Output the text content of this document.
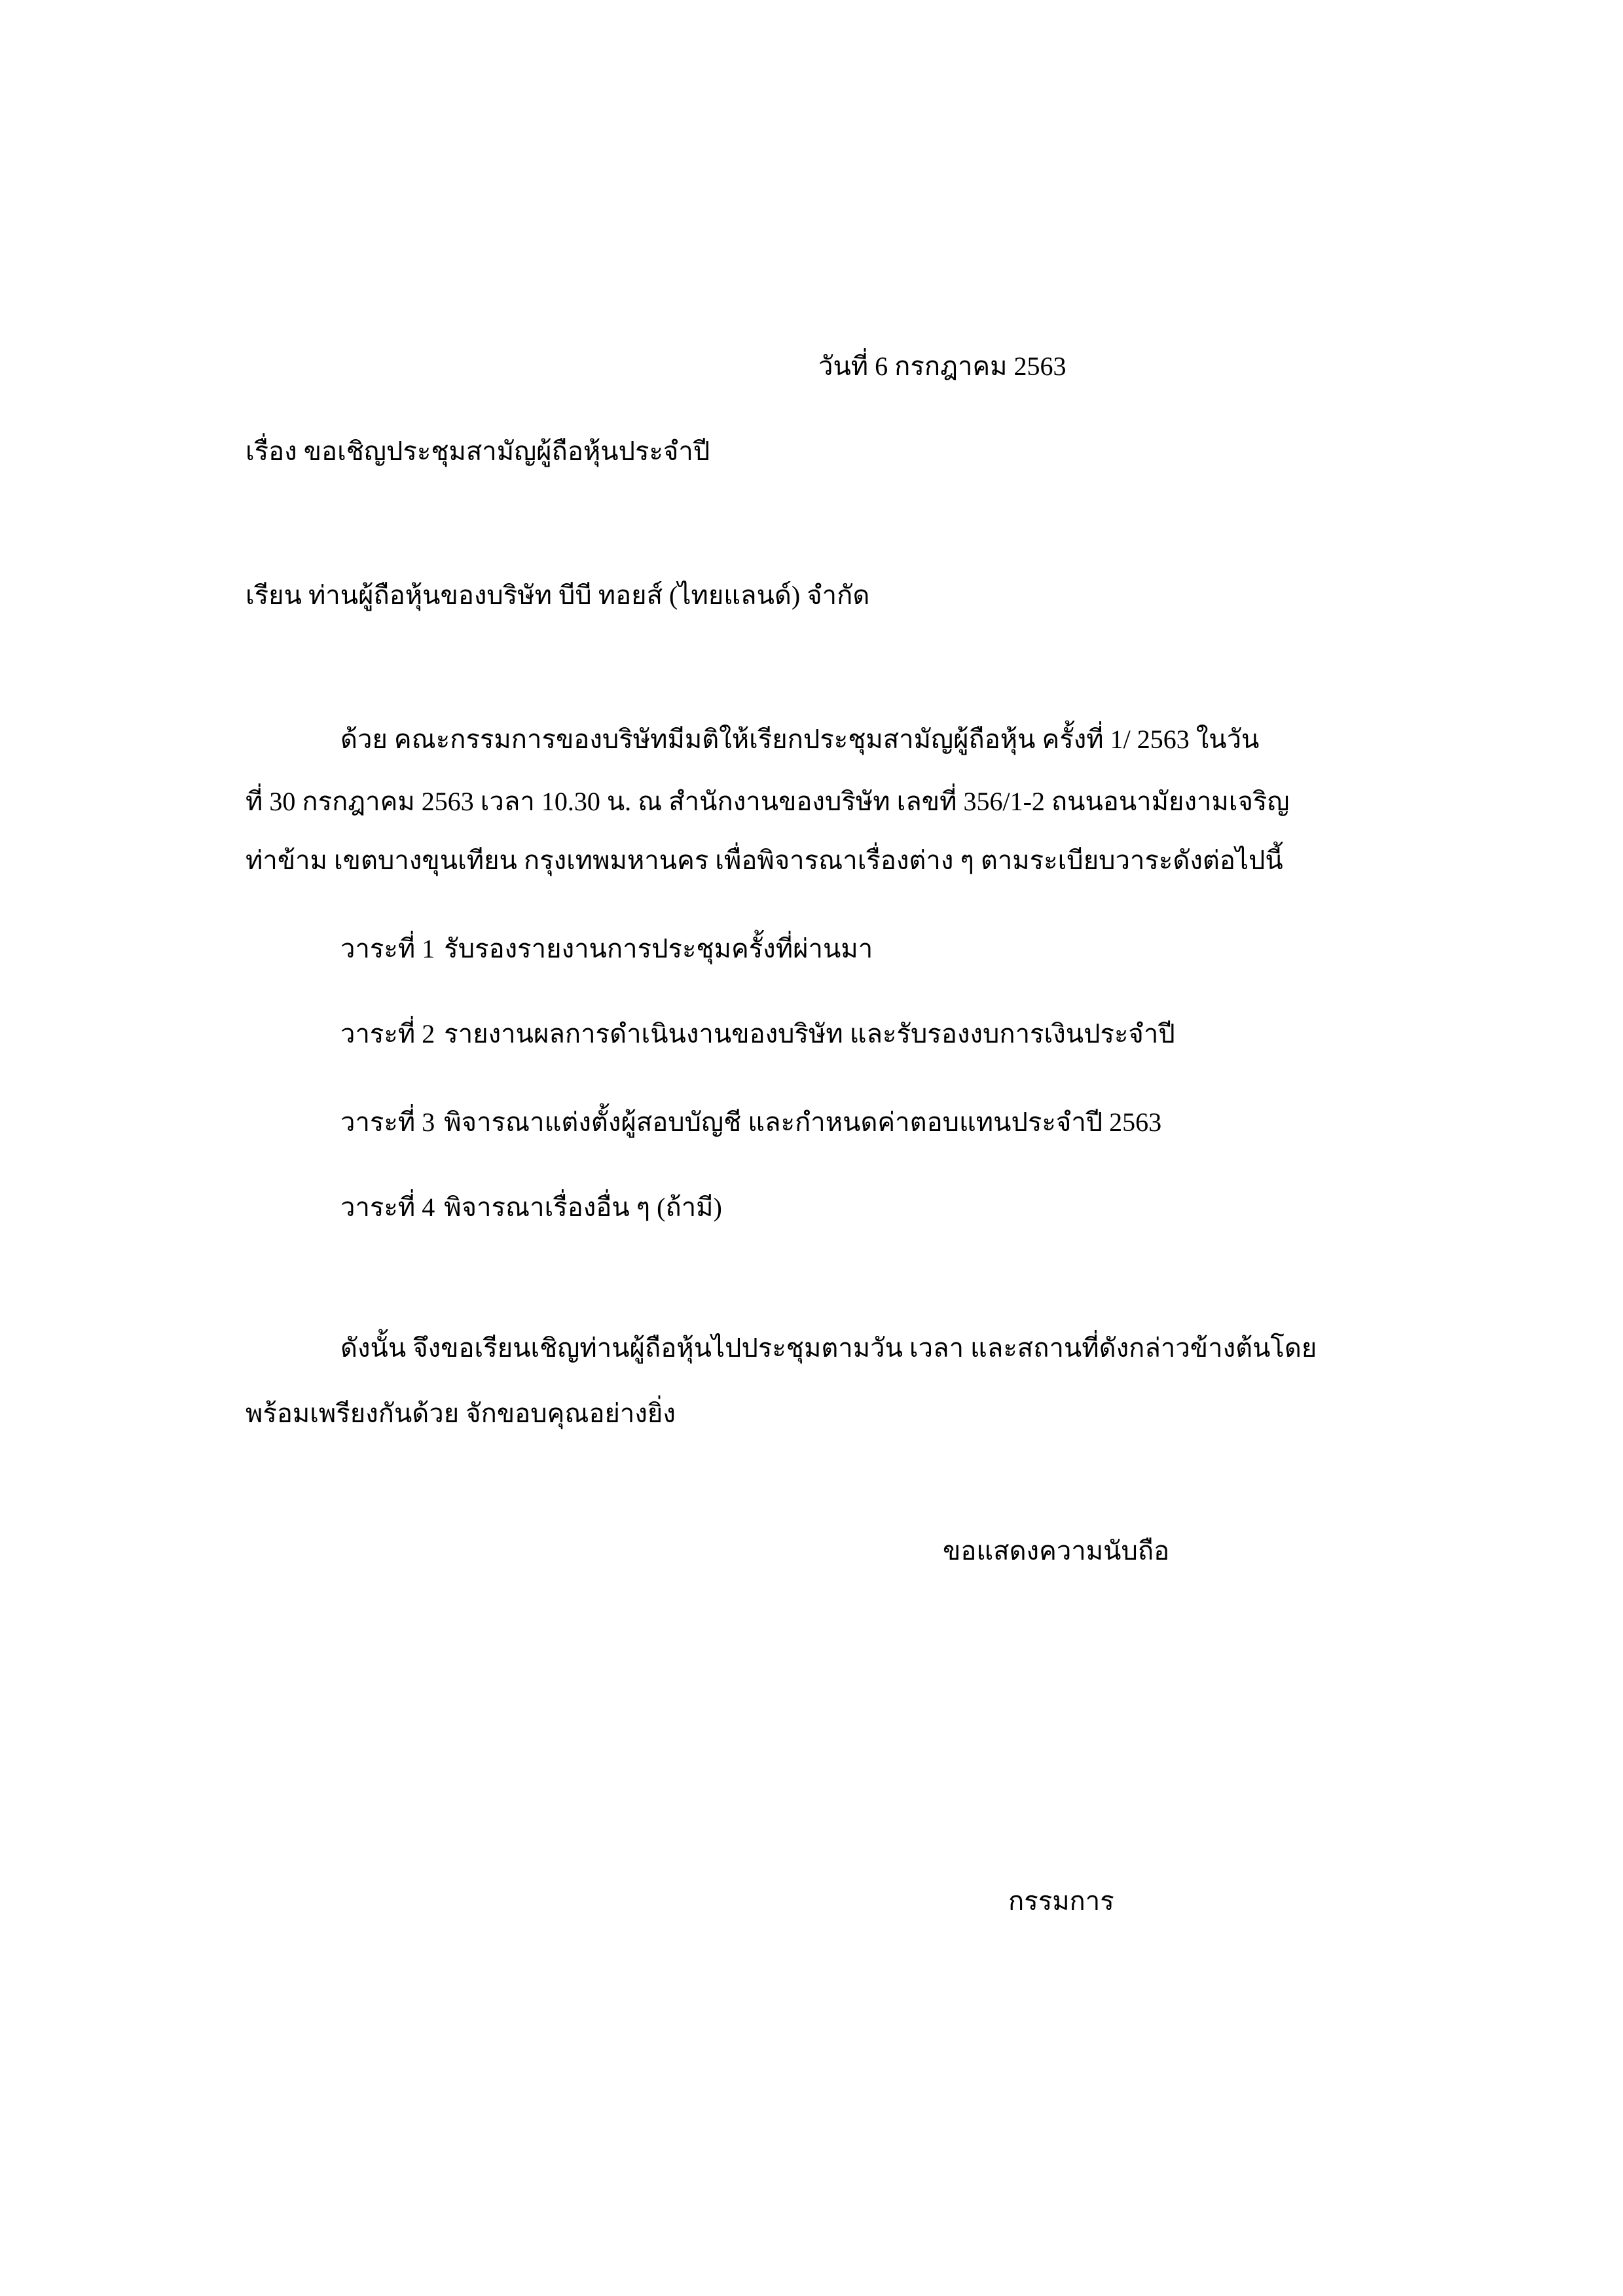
วันที่ 6 กรกฎาคม 2563
เรื่อง ขอเชิญประชุมสามัญผู้ถือหุ้นประจำปี
เรียน ท่านผู้ถือหุ้นของบริษัท บีบี ทอยส์ (ไทยแลนด์) จำกัด
ด้วย คณะกรรมการของบริษัทมีมติให้เรียกประชุมสามัญผู้ถือหุ้น ครั้งที่ 1/ 2563 ในวัน
ที่ 30 กรกฎาคม 2563 เวลา 10.30 น. ณ สำนักงานของบริษัท เลขที่ 356/1-2 ถนนอนามัยงามเจริญ
ท่าข้าม เขตบางขุนเทียน กรุงเทพมหานคร เพื่อพิจารณาเรื่องต่าง ๆ ตามระเบียบวาระดังต่อไปนี้
วาระที่ 1 รับรองรายงานการประชุมครั้งที่ผ่านมา
วาระที่ 2 รายงานผลการดำเนินงานของบริษัท และรับรองงบการเงินประจำปี
วาระที่ 3 พิจารณาแต่งตั้งผู้สอบบัญชี และกำหนดค่าตอบแทนประจำปี 2563
วาระที่ 4 พิจารณาเรื่องอื่น ๆ (ถ้ามี)
ดังนั้น จึงขอเรียนเชิญท่านผู้ถือหุ้นไปประชุมตามวัน เวลา และสถานที่ดังกล่าวข้างต้นโดย
พร้อมเพรียงกันด้วย จักขอบคุณอย่างยิ่ง
ขอแสดงความนับถือ
กรรมการ
